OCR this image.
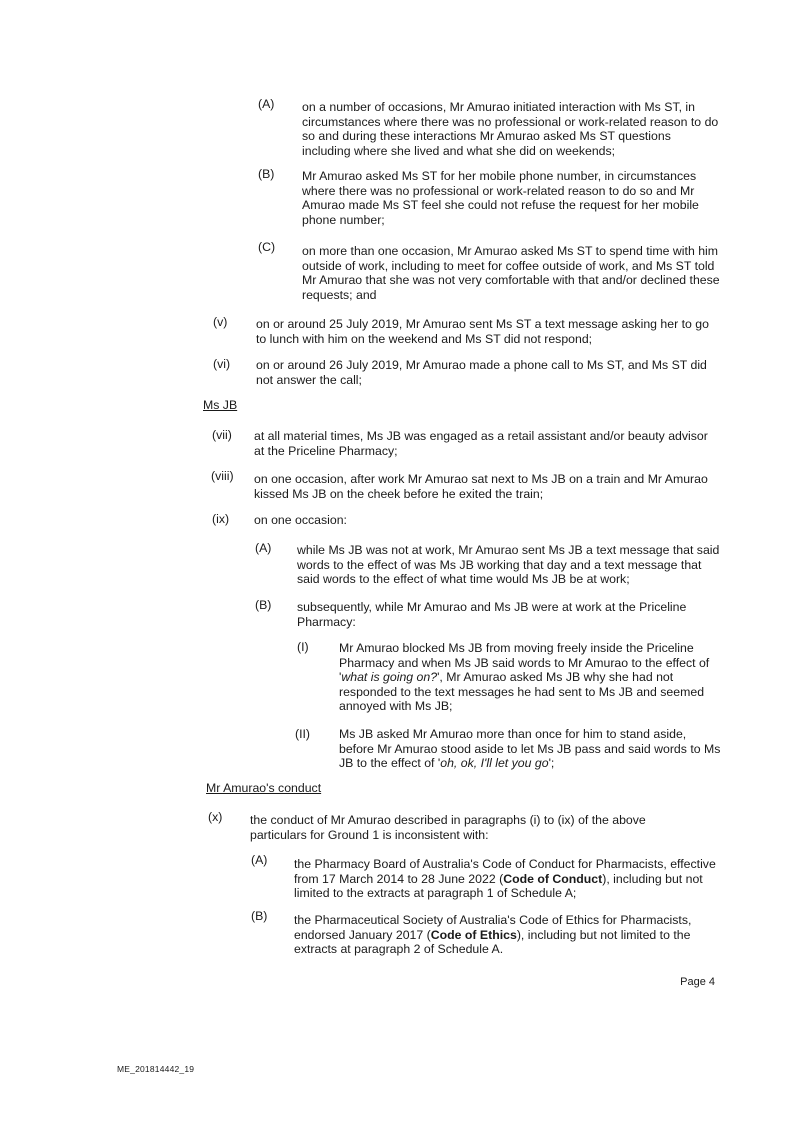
(A) on a number of occasions, Mr Amurao initiated interaction with Ms ST, in circumstances where there was no professional or work-related reason to do so and during these interactions Mr Amurao asked Ms ST questions including where she lived and what she did on weekends;
(B) Mr Amurao asked Ms ST for her mobile phone number, in circumstances where there was no professional or work-related reason to do so and Mr Amurao made Ms ST feel she could not refuse the request for her mobile phone number;
(C) on more than one occasion, Mr Amurao asked Ms ST to spend time with him outside of work, including to meet for coffee outside of work, and Ms ST told Mr Amurao that she was not very comfortable with that and/or declined these requests; and
(v) on or around 25 July 2019, Mr Amurao sent Ms ST a text message asking her to go to lunch with him on the weekend and Ms ST did not respond;
(vi) on or around 26 July 2019, Mr Amurao made a phone call to Ms ST, and Ms ST did not answer the call;
Ms JB
(vii) at all material times, Ms JB was engaged as a retail assistant and/or beauty advisor at the Priceline Pharmacy;
(viii) on one occasion, after work Mr Amurao sat next to Ms JB on a train and Mr Amurao kissed Ms JB on the cheek before he exited the train;
(ix) on one occasion:
(A) while Ms JB was not at work, Mr Amurao sent Ms JB a text message that said words to the effect of was Ms JB working that day and a text message that said words to the effect of what time would Ms JB be at work;
(B) subsequently, while Mr Amurao and Ms JB were at work at the Priceline Pharmacy:
(I) Mr Amurao blocked Ms JB from moving freely inside the Priceline Pharmacy and when Ms JB said words to Mr Amurao to the effect of 'what is going on?', Mr Amurao asked Ms JB why she had not responded to the text messages he had sent to Ms JB and seemed annoyed with Ms JB;
(II) Ms JB asked Mr Amurao more than once for him to stand aside, before Mr Amurao stood aside to let Ms JB pass and said words to Ms JB to the effect of 'oh, ok, I'll let you go';
Mr Amurao's conduct
(x) the conduct of Mr Amurao described in paragraphs (i) to (ix) of the above particulars for Ground 1 is inconsistent with:
(A) the Pharmacy Board of Australia's Code of Conduct for Pharmacists, effective from 17 March 2014 to 28 June 2022 (Code of Conduct), including but not limited to the extracts at paragraph 1 of Schedule A;
(B) the Pharmaceutical Society of Australia's Code of Ethics for Pharmacists, endorsed January 2017 (Code of Ethics), including but not limited to the extracts at paragraph 2 of Schedule A.
Page 4
ME_201814442_19
